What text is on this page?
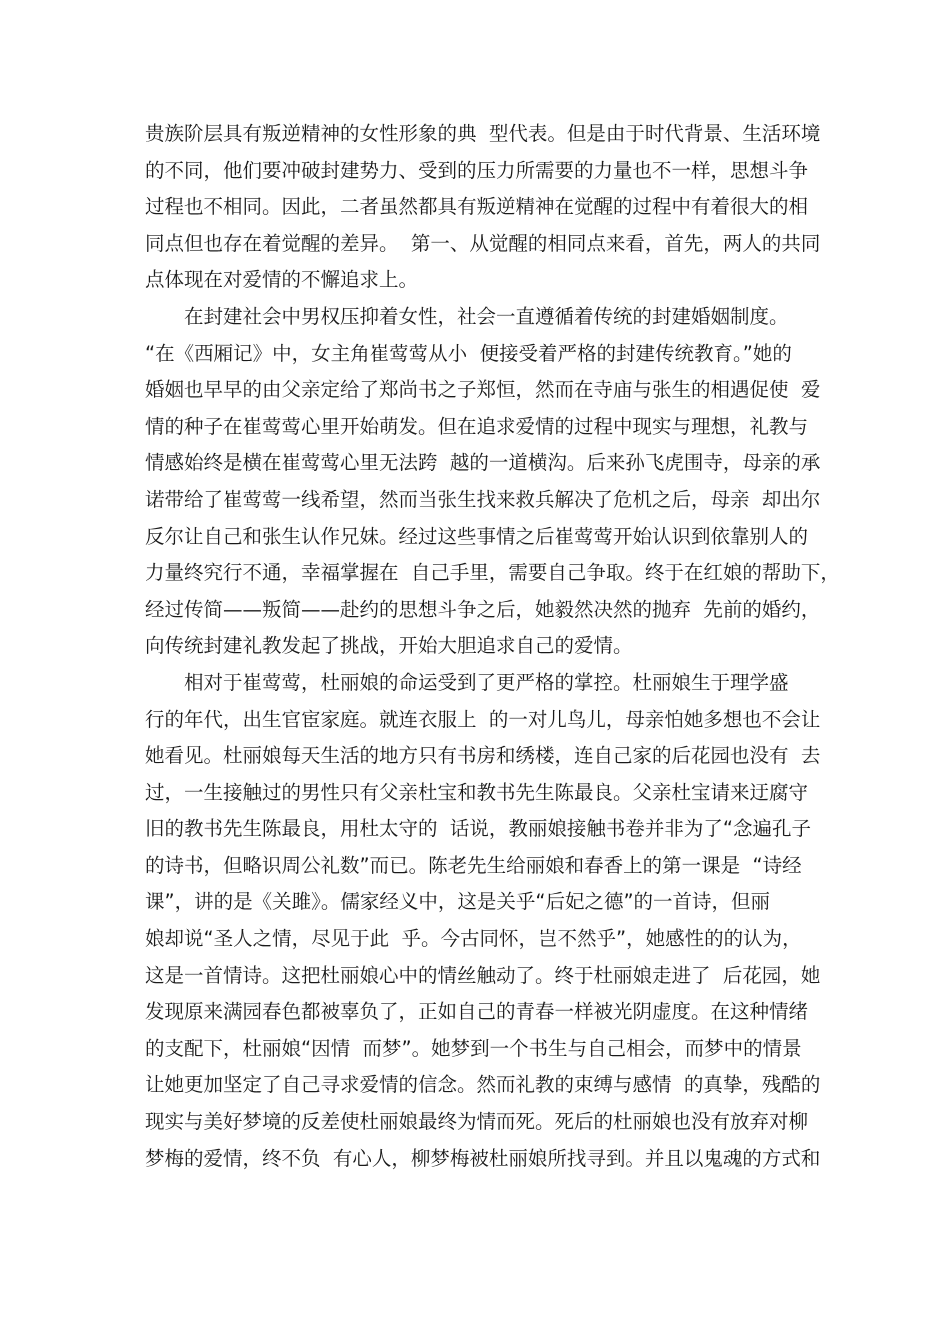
贵族阶层具有叛逆精神的女性形象的典  型代表。但是由于时代背景、生活环境
的不同，他们要冲破封建势力、受到的压力所需要的力量也不一样，思想斗争
过程也不相同。因此，二者虽然都具有叛逆精神在觉醒的过程中有着很大的相
同点但也存在着觉醒的差异。  第一、从觉醒的相同点来看，首先，两人的共同
点体现在对爱情的不懈追求上。
在封建社会中男权压抑着女性，社会一直遵循着传统的封建婚姻制度。
“在《西厢记》中，女主角崔莺莺从小  便接受着严格的封建传统教育。”她的
婚姻也早早的由父亲定给了郑尚书之子郑恒，然而在寺庙与张生的相遇促使  爱
情的种子在崔莺莺心里开始萌发。但在追求爱情的过程中现实与理想，礼教与
情感始终是横在崔莺莺心里无法跨  越的一道横沟。后来孙飞虎围寺，母亲的承
诺带给了崔莺莺一线希望，然而当张生找来救兵解决了危机之后，母亲  却出尔
反尔让自己和张生认作兄妹。经过这些事情之后崔莺莺开始认识到依靠别人的
力量终究行不通，幸福掌握在  自己手里，需要自己争取。终于在红娘的帮助下，
经过传简——叛简——赴约的思想斗争之后，她毅然决然的抛弃  先前的婚约，
向传统封建礼教发起了挑战，开始大胆追求自己的爱情。
相对于崔莺莺，杜丽娘的命运受到了更严格的掌控。杜丽娘生于理学盛
行的年代，出生官宦家庭。就连衣服上  的一对儿鸟儿，母亲怕她多想也不会让
她看见。杜丽娘每天生活的地方只有书房和绣楼，连自己家的后花园也没有  去
过，一生接触过的男性只有父亲杜宝和教书先生陈最良。父亲杜宝请来迂腐守
旧的教书先生陈最良，用杜太守的  话说，教丽娘接触书卷并非为了“念遍孔子
的诗书，但略识周公礼数”而已。陈老先生给丽娘和春香上的第一课是  “诗经
课”，讲的是《关雎》。儒家经义中，这是关乎“后妃之德”的一首诗，但丽
娘却说“圣人之情，尽见于此  乎。今古同怀，岂不然乎”，她感性的的认为，
这是一首情诗。这把杜丽娘心中的情丝触动了。终于杜丽娘走进了  后花园，她
发现原来满园春色都被辜负了，正如自己的青春一样被光阴虚度。在这种情绪
的支配下，杜丽娘“因情  而梦”。她梦到一个书生与自己相会，而梦中的情景
让她更加坚定了自己寻求爱情的信念。然而礼教的束缚与感情  的真挚，残酷的
现实与美好梦境的反差使杜丽娘最终为情而死。死后的杜丽娘也没有放弃对柳
梦梅的爱情，终不负  有心人，柳梦梅被杜丽娘所找寻到。并且以鬼魂的方式和
